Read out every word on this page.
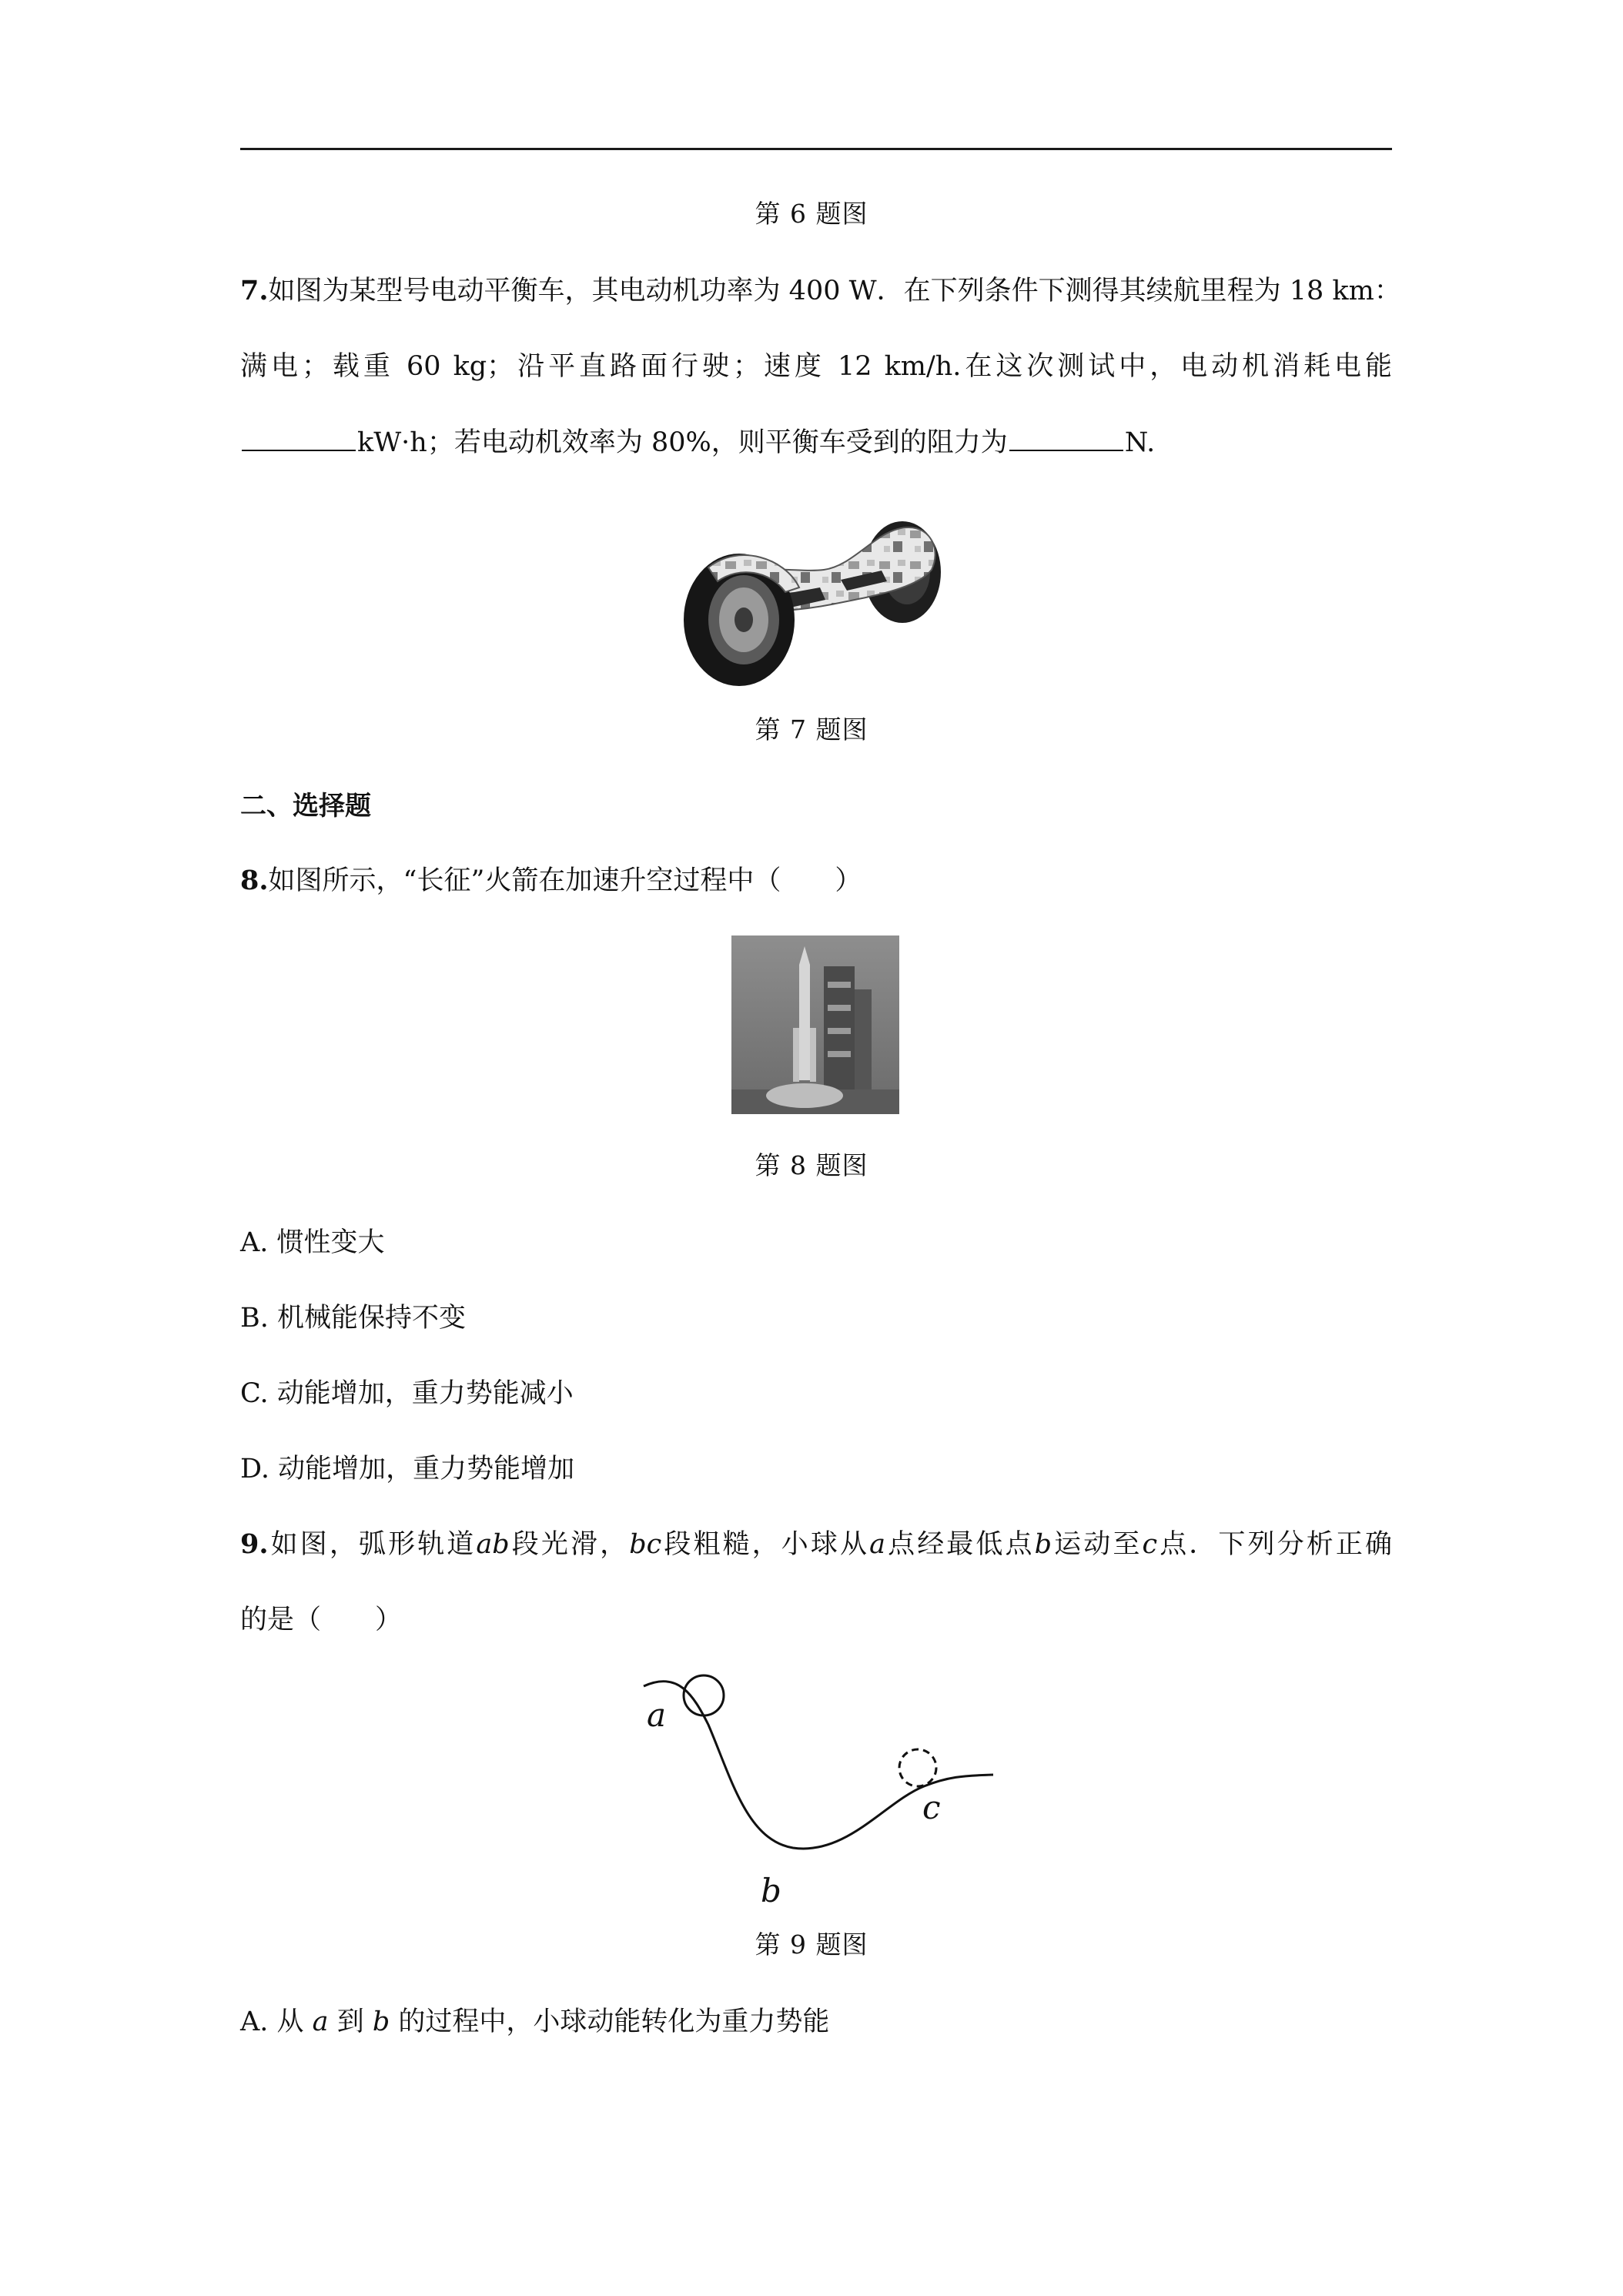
第 6 题图
7.如图为某型号电动平衡车，其电动机功率为 400 W．在下列条件下测得其续航里程为 18 km：
满电；载重 60 kg；沿平直路面行驶；速度 12 km/h.在这次测试中，电动机消耗电能
kW·h；若电动机效率为 80%，则平衡车受到的阻力为	N.
第 7 题图
二、选择题
8.如图所示，“长征”火箭在加速升空过程中（　　）
第 8 题图
A. 惯性变大
B. 机械能保持不变
C. 动能增加，重力势能减小
D. 动能增加，重力势能增加
9.如图，弧形轨道ab段光滑，bc段粗糙，小球从a点经最低点b运动至c点．下列分析正确
的是（　　）
a
b
c
第 9 题图
A. 从 a 到 b 的过程中，小球动能转化为重力势能
